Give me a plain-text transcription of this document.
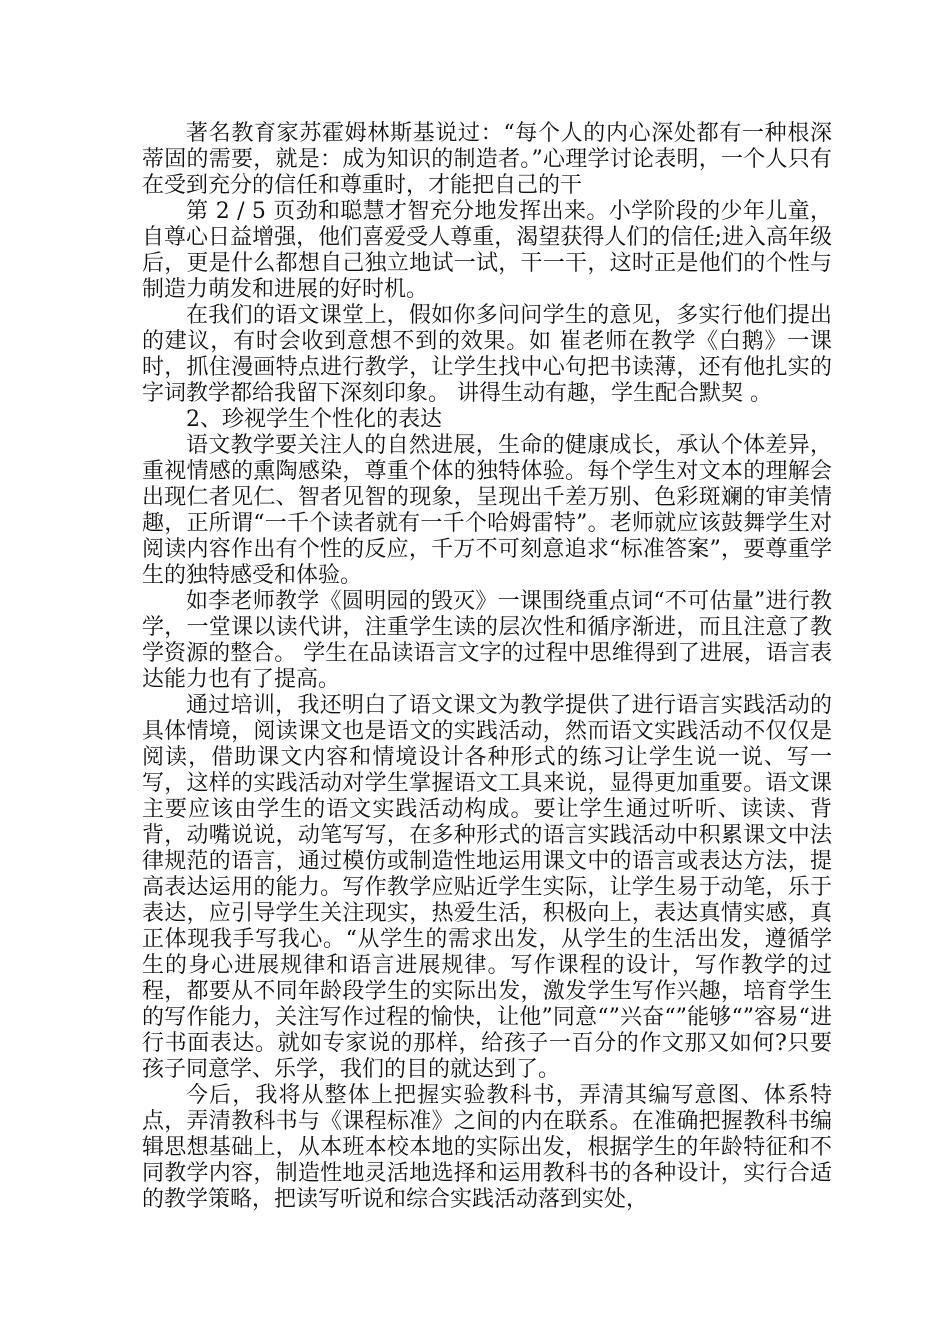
著名教育家苏霍姆林斯基说过：“每个人的内心深处都有一种根深蒂固的需要，就是：成为知识的制造者。”心理学讨论表明，一个人只有在受到充分的信任和尊重时，才能把自己的干

第 2 / 5 页劲和聪慧才智充分地发挥出来。小学阶段的少年儿童，自尊心日益增强，他们喜爱受人尊重，渴望获得人们的信任;进入高年级后，更是什么都想自己独立地试一试，干一干，这时正是他们的个性与制造力萌发和进展的好时机。

在我们的语文课堂上，假如你多问问学生的意见，多实行他们提出的建议，有时会收到意想不到的效果。如 崔老师在教学《白鹅》一课时，抓住漫画特点进行教学，让学生找中心句把书读薄，还有他扎实的字词教学都给我留下深刻印象。 讲得生动有趣，学生配合默契 。

2、珍视学生个性化的表达

语文教学要关注人的自然进展，生命的健康成长，承认个体差异，重视情感的熏陶感染，尊重个体的独特体验。每个学生对文本的理解会出现仁者见仁、智者见智的现象，呈现出千差万别、色彩斑斓的审美情趣，正所谓“一千个读者就有一千个哈姆雷特”。老师就应该鼓舞学生对阅读内容作出有个性的反应，千万不可刻意追求“标准答案”，要尊重学生的独特感受和体验。

如李老师教学《圆明园的毁灭》一课围绕重点词“不可估量”进行教学，一堂课以读代讲，注重学生读的层次性和循序渐进，而且注意了教学资源的整合。 学生在品读语言文字的过程中思维得到了进展，语言表达能力也有了提高。

通过培训，我还明白了语文课文为教学提供了进行语言实践活动的具体情境，阅读课文也是语文的实践活动，然而语文实践活动不仅仅是阅读，借助课文内容和情境设计各种形式的练习让学生说一说、写一写，这样的实践活动对学生掌握语文工具来说，显得更加重要。语文课主要应该由学生的语文实践活动构成。要让学生通过听听、读读、背背，动嘴说说，动笔写写，在多种形式的语言实践活动中积累课文中法律规范的语言，通过模仿或制造性地运用课文中的语言或表达方法，提高表达运用的能力。写作教学应贴近学生实际，让学生易于动笔，乐于表达，应引导学生关注现实，热爱生活，积极向上，表达真情实感，真正体现我手写我心。“从学生的需求出发，从学生的生活出发，遵循学生的身心进展规律和语言进展规律。写作课程的设计，写作教学的过程，都要从不同年龄段学生的实际出发，激发学生写作兴趣，培育学生的写作能力，关注写作过程的愉快，让他”同意“”兴奋“”能够“”容易“进行书面表达。就如专家说的那样，给孩子一百分的作文那又如何?只要孩子同意学、乐学，我们的目的就达到了。

今后，我将从整体上把握实验教科书，弄清其编写意图、体系特点，弄清教科书与《课程标准》之间的内在联系。在准确把握教科书编辑思想基础上，从本班本校本地的实际出发，根据学生的年龄特征和不同教学内容，制造性地灵活地选择和运用教科书的各种设计，实行合适的教学策略，把读写听说和综合实践活动落到实处，
